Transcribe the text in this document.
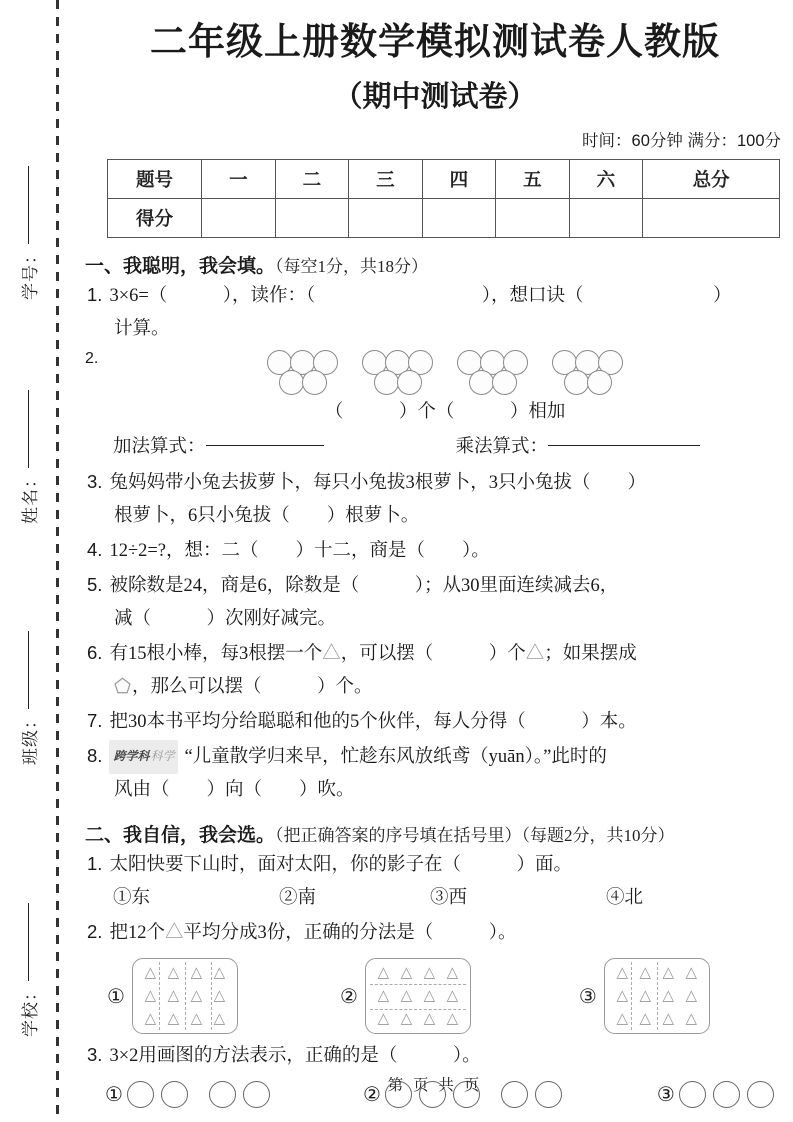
学号：
姓名：
班级：
学校：
二年级上册数学模拟测试卷人教版
（期中测试卷）
时间：60分钟 满分：100分
题号	一	二	三	四	五	六	总分
得分							
一、我聪明，我会填。（每空1分，共18分）
1. 3×6=（　　　），读作：（　　　　　　　　　），想口诀（　　　　　　　）
计算。
2.
（　　　）个（　　　）相加
加法算式：	乘法算式：
3. 兔妈妈带小兔去拔萝卜，每只小兔拔3根萝卜，3只小兔拔（　　）
根萝卜，6只小兔拔（　　）根萝卜。
4. 12÷2=?，想：二（　　）十二，商是（　　）。
5. 被除数是24，商是6，除数是（　　　）；从30里面连续减去6，
减（　　　）次刚好减完。
6. 有15根小棒，每3根摆一个△，可以摆（　　　）个△；如果摆成
，那么可以摆（　　　）个。
7. 把30本书平均分给聪聪和他的5个伙伴，每人分得（　　　）本。
8. 跨学科科学 “儿童散学归来早，忙趁东风放纸鸢（yuān）。”此时的
风由（　　）向（　　）吹。
二、我自信，我会选。（把正确答案的序号填在括号里）（每题2分，共10分）
1. 太阳快要下山时，面对太阳，你的影子在（　　　）面。
①东	②南	③西	④北
2. 把12个△平均分成3份，正确的分法是（　　　）。
①
△ △ △ △
△ △ △ △
△ △ △ △
②
△ △ △ △
△ △ △ △
△ △ △ △
③
△ △ △ △
△ △ △ △
△ △ △ △
3. 3×2用画图的方法表示，正确的是（　　　）。
①	②	③
第 页 共 页
